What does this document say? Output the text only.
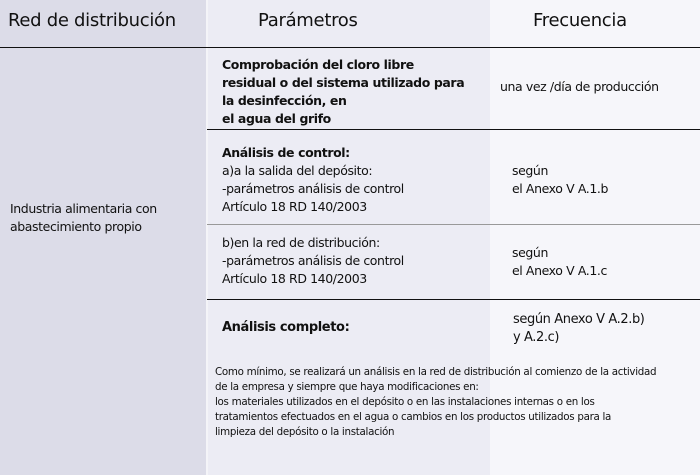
Red de distribución	Parámetros	Frecuencia
Industria alimentaria con abastecimiento propio
Comprobación del cloro libre
residual o del sistema utilizado para
la desinfección, en
el agua del grifo
una vez /día de producción
Análisis de control:
a)a la salida del depósito:
-parámetros análisis de control
Artículo 18 RD 140/2003
según
el Anexo V A.1.b
b)en la red de distribución:
-parámetros análisis de control
Artículo 18 RD 140/2003
según
el Anexo V A.1.c
Análisis completo:
según Anexo V A.2.b)
y A.2.c)
Como mínimo, se realizará un análisis en la red de distribución al comienzo de la actividad
de la empresa y siempre que haya modificaciones en:
los materiales utilizados en el depósito o en las instalaciones internas o en los
tratamientos efectuados en el agua o cambios en los productos utilizados para la
limpieza del depósito o la instalación
